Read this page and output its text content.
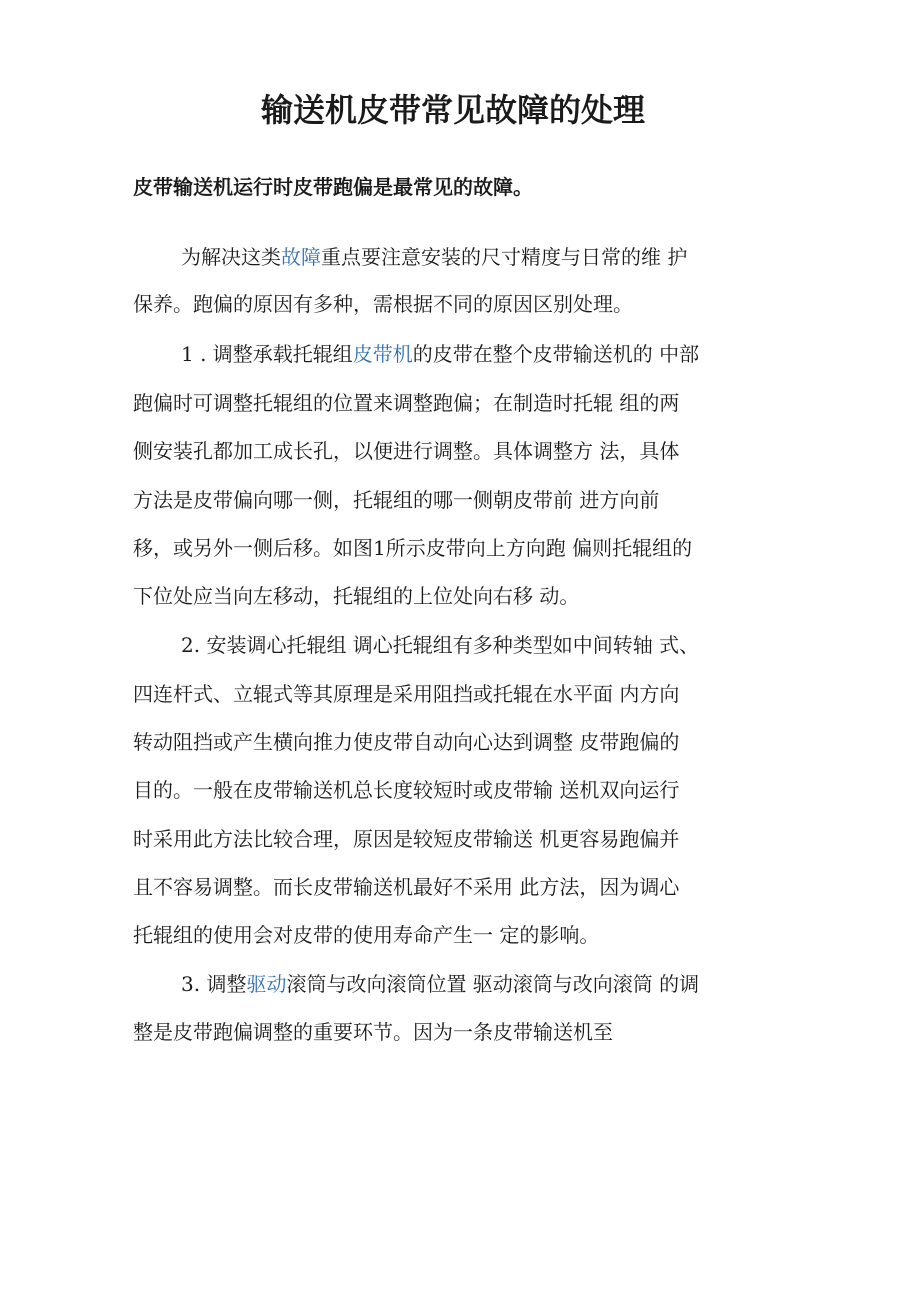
输送机皮带常见故障的处理

皮带输送机运行时皮带跑偏是最常见的故障。

为解决这类故障重点要注意安装的尺寸精度与日常的维 护

保养。跑偏的原因有多种，需根据不同的原因区别处理。

1 . 调整承载托辊组皮带机的皮带在整个皮带输送机的 中部

跑偏时可调整托辊组的位置来调整跑偏；在制造时托辊 组的两

侧安装孔都加工成长孔，以便进行调整。具体调整方 法，具体

方法是皮带偏向哪一侧，托辊组的哪一侧朝皮带前 进方向前

移，或另外一侧后移。如图1所示皮带向上方向跑 偏则托辊组的

下位处应当向左移动，托辊组的上位处向右移 动。

2. 安装调心托辊组 调心托辊组有多种类型如中间转轴 式、

四连杆式、立辊式等其原理是采用阻挡或托辊在水平面 内方向

转动阻挡或产生横向推力使皮带自动向心达到调整 皮带跑偏的

目的。一般在皮带输送机总长度较短时或皮带输 送机双向运行

时采用此方法比较合理，原因是较短皮带输送 机更容易跑偏并

且不容易调整。而长皮带输送机最好不采用 此方法，因为调心

托辊组的使用会对皮带的使用寿命产生一 定的影响。

3. 调整驱动滚筒与改向滚筒位置 驱动滚筒与改向滚筒 的调

整是皮带跑偏调整的重要环节。因为一条皮带输送机至
